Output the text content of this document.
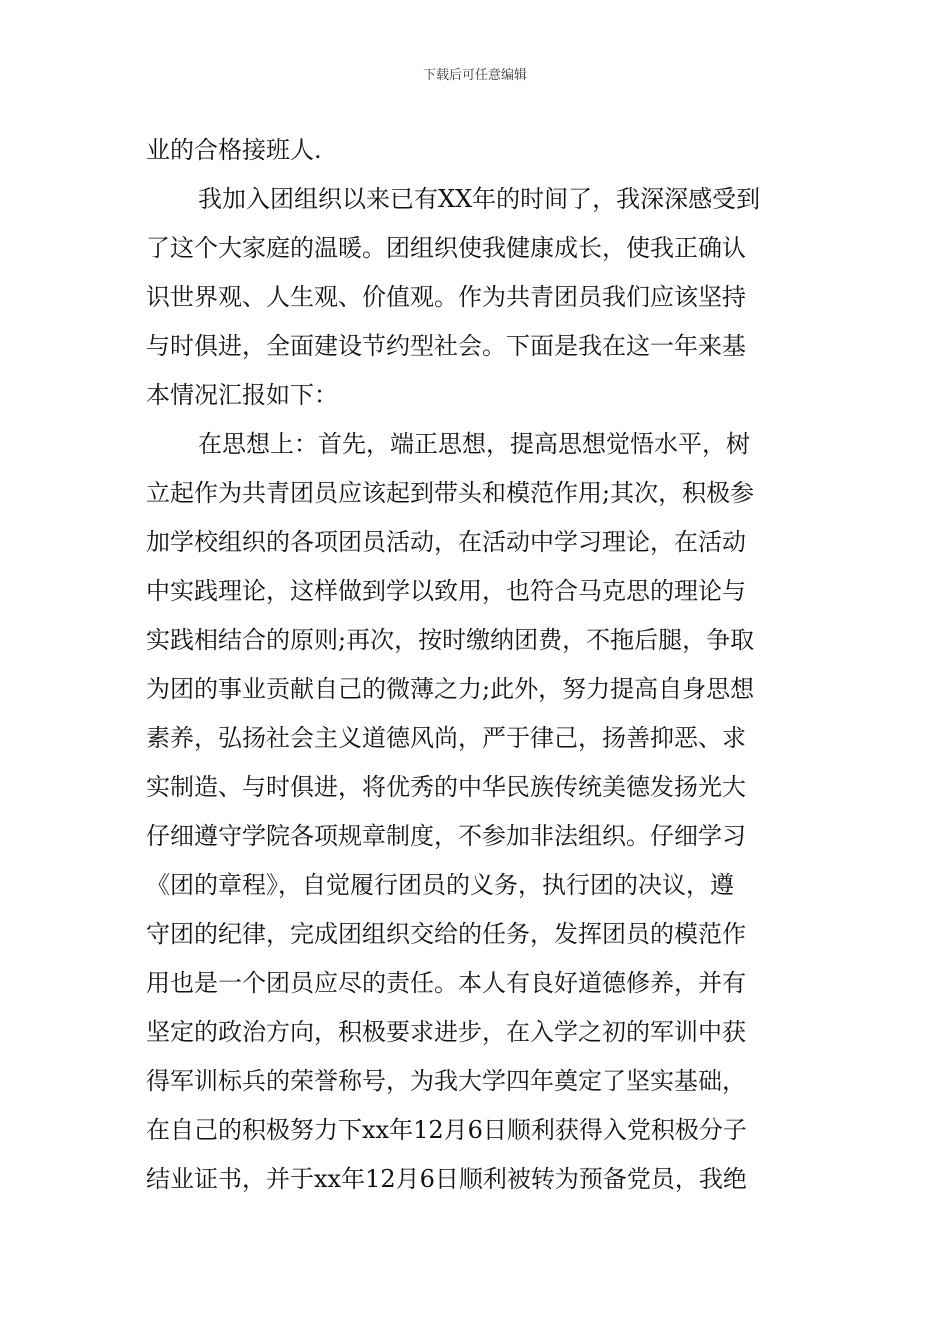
下载后可任意编辑
业的合格接班人.
我加入团组织以来已有XX年的时间了，我深深感受到
了这个大家庭的温暖。团组织使我健康成长，使我正确认
识世界观、人生观、价值观。作为共青团员我们应该坚持
与时俱进，全面建设节约型社会。下面是我在这一年来基
本情况汇报如下：
在思想上：首先，端正思想，提高思想觉悟水平，树
立起作为共青团员应该起到带头和模范作用;其次，积极参
加学校组织的各项团员活动，在活动中学习理论，在活动
中实践理论，这样做到学以致用，也符合马克思的理论与
实践相结合的原则;再次，按时缴纳团费，不拖后腿，争取
为团的事业贡献自己的微薄之力;此外，努力提高自身思想
素养，弘扬社会主义道德风尚，严于律己，扬善抑恶、求
实制造、与时俱进，将优秀的中华民族传统美德发扬光大
仔细遵守学院各项规章制度，不参加非法组织。仔细学习
《团的章程》，自觉履行团员的义务，执行团的决议，遵
守团的纪律，完成团组织交给的任务，发挥团员的模范作
用也是一个团员应尽的责任。本人有良好道德修养，并有
坚定的政治方向，积极要求进步，在入学之初的军训中获
得军训标兵的荣誉称号，为我大学四年奠定了坚实基础，
在自己的积极努力下xx年12月6日顺利获得入党积极分子
结业证书，并于xx年12月6日顺利被转为预备党员，我绝
